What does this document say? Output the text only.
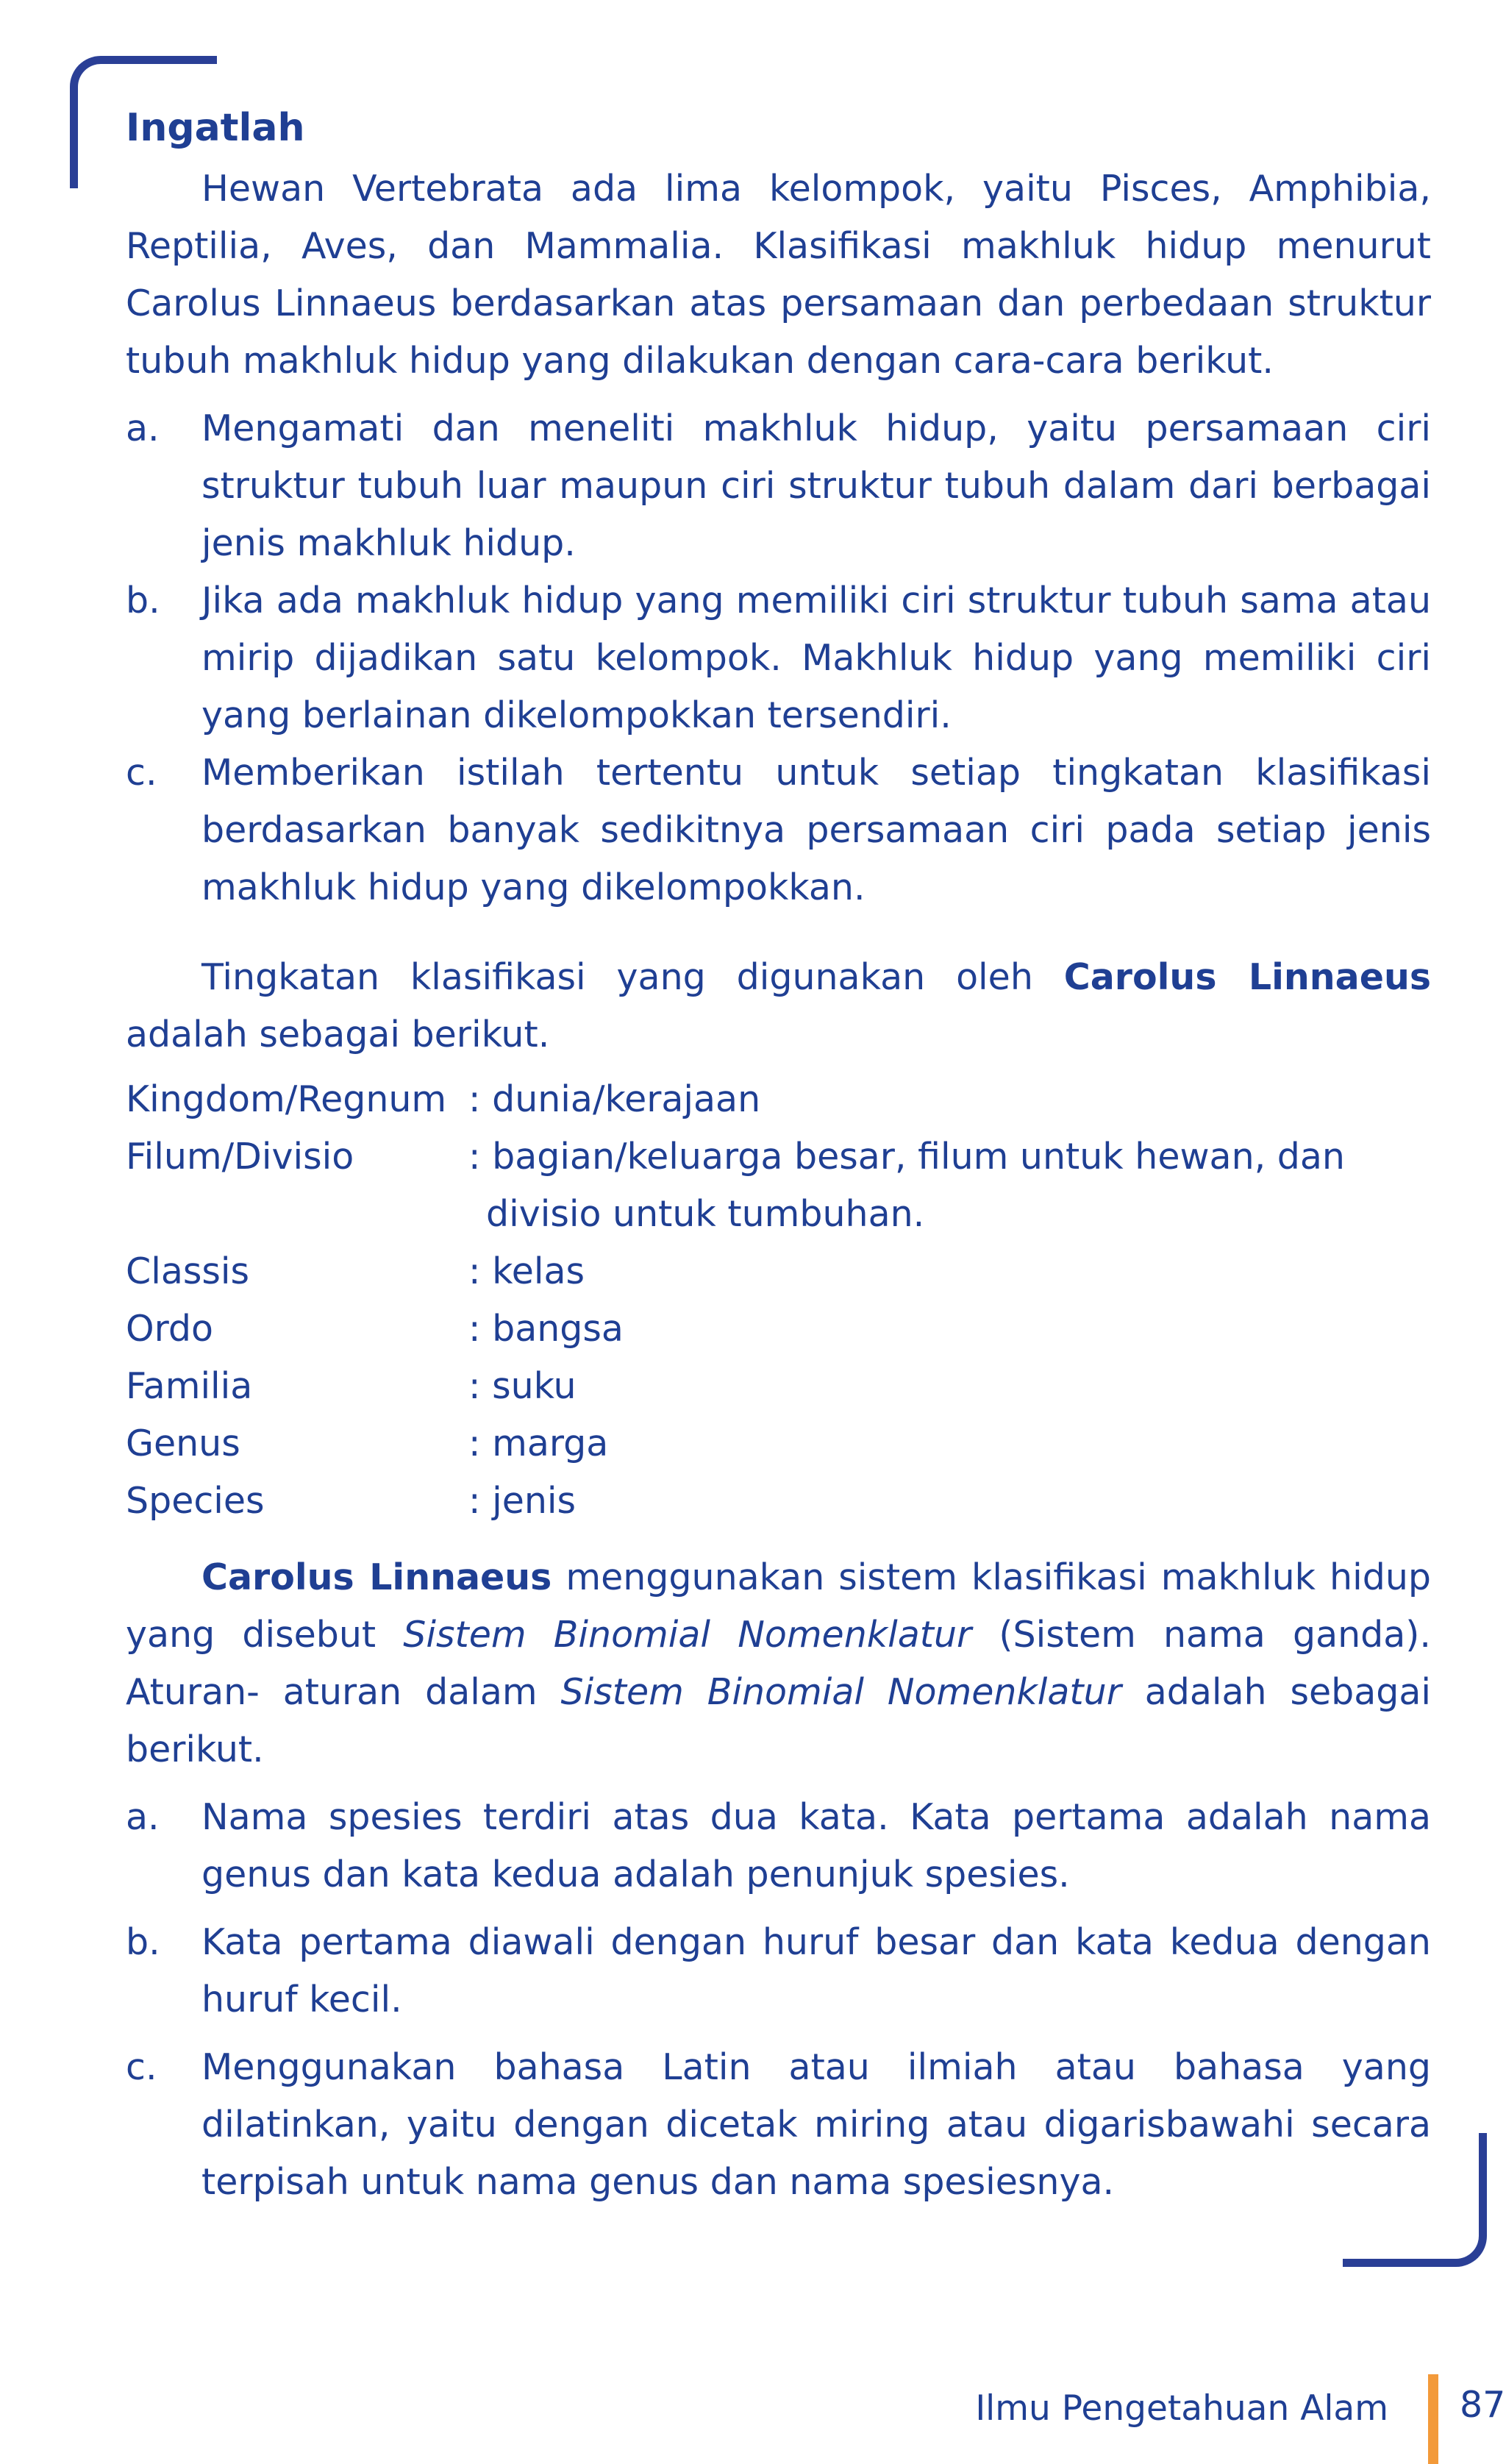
Ingatlah

Hewan Vertebrata ada lima kelompok, yaitu Pisces, Amphibia, Reptilia, Aves, dan Mammalia. Klasifikasi makhluk hidup menurut Carolus Linnaeus berdasarkan atas persamaan dan perbedaan struktur tubuh makhluk hidup yang dilakukan dengan cara-cara berikut.

a. Mengamati dan meneliti makhluk hidup, yaitu persamaan ciri struktur tubuh luar maupun ciri struktur tubuh dalam dari berbagai jenis makhluk hidup.
b. Jika ada makhluk hidup yang memiliki ciri struktur tubuh sama atau mirip dijadikan satu kelompok. Makhluk hidup yang memiliki ciri yang berlainan dikelompokkan tersendiri.
c. Memberikan istilah tertentu untuk setiap tingkatan klasifikasi berdasarkan banyak sedikitnya persamaan ciri pada setiap jenis makhluk hidup yang dikelompokkan.

Tingkatan klasifikasi yang digunakan oleh Carolus Linnaeus adalah sebagai berikut.

Kingdom/Regnum : dunia/kerajaan
Filum/Divisio	: bagian/keluarga besar, filum untuk hewan, dan divisio untuk tumbuhan.
Classis	: kelas
Ordo	: bangsa
Familia	: suku
Genus	: marga
Species	: jenis

Carolus Linnaeus menggunakan sistem klasifikasi makhluk hidup yang disebut Sistem Binomial Nomenklatur (Sistem nama ganda). Aturan- aturan dalam Sistem Binomial Nomenklatur adalah sebagai berikut.

a. Nama spesies terdiri atas dua kata. Kata pertama adalah nama genus dan kata kedua adalah penunjuk spesies.
b. Kata pertama diawali dengan huruf besar dan kata kedua dengan huruf kecil.
c. Menggunakan bahasa Latin atau ilmiah atau bahasa yang dilatinkan, yaitu dengan dicetak miring atau digarisbawahi secara terpisah untuk nama genus dan nama spesiesnya.
Ilmu Pengetahuan Alam 87
